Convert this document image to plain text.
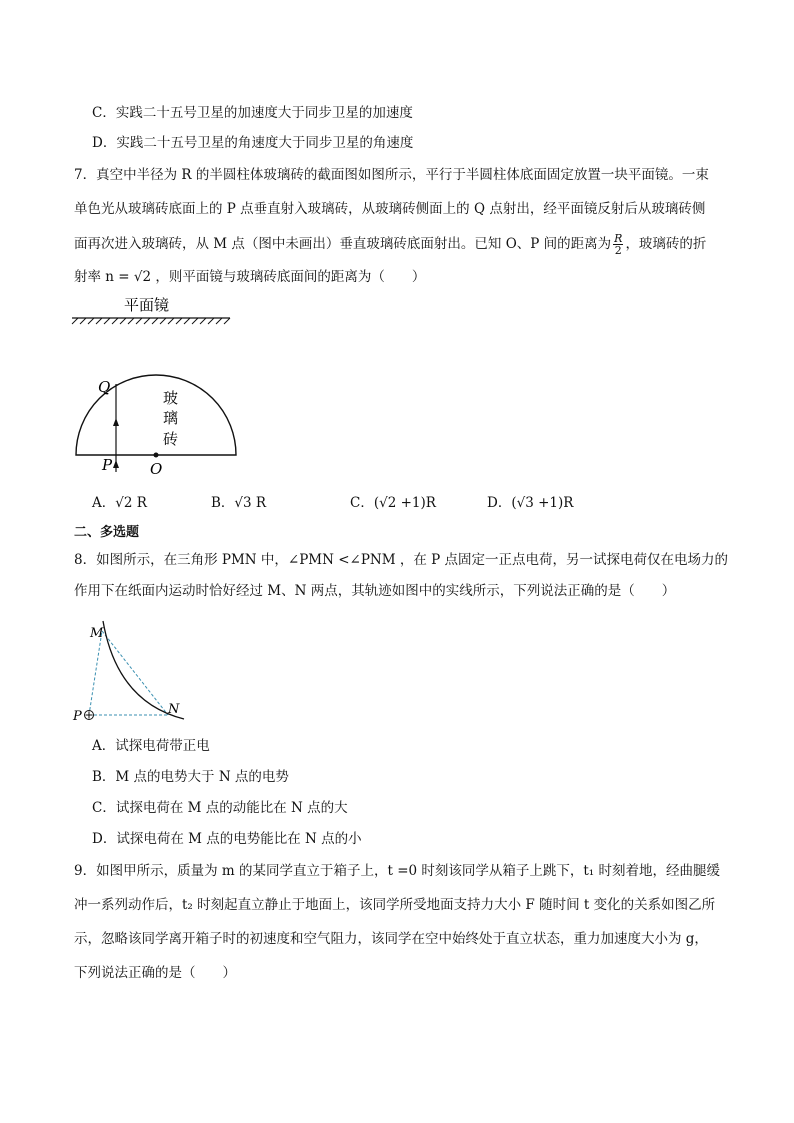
C．实践二十五号卫星的加速度大于同步卫星的加速度
D．实践二十五号卫星的角速度大于同步卫星的角速度
7．真空中半径为 R 的半圆柱体玻璃砖的截面图如图所示，平行于半圆柱体底面固定放置一块平面镜。一束
单色光从玻璃砖底面上的 P 点垂直射入玻璃砖，从玻璃砖侧面上的 Q 点射出，经平面镜反射后从玻璃砖侧
面再次进入玻璃砖，从 M 点（图中未画出）垂直玻璃砖底面射出。已知 O、P 间的距离为 $\frac{R}{2}$ ，玻璃砖的折
射率 n = √2 ，则平面镜与玻璃砖底面间的距离为（　　）
平面镜
Q
P	O
玻
璃
砖
A．√2 R	B．√3 R	C．(√2 +1)R	D．(√3 +1)R
二、多选题
8．如图所示，在三角形 PMN 中，∠PMN <∠PNM ，在 P 点固定一正点电荷，另一试探电荷仅在电场力的
作用下在纸面内运动时恰好经过 M、N 两点，其轨迹如图中的实线所示，下列说法正确的是（　　）
M
N
P
A．试探电荷带正电
B．M 点的电势大于 N 点的电势
C．试探电荷在 M 点的动能比在 N 点的大
D．试探电荷在 M 点的电势能比在 N 点的小
9．如图甲所示，质量为 m 的某同学直立于箱子上，t =0 时刻该同学从箱子上跳下，t₁ 时刻着地，经曲腿缓
冲一系列动作后，t₂ 时刻起直立静止于地面上，该同学所受地面支持力大小 F 随时间 t 变化的关系如图乙所
示，忽略该同学离开箱子时的初速度和空气阻力，该同学在空中始终处于直立状态，重力加速度大小为 g，
下列说法正确的是（　　）
